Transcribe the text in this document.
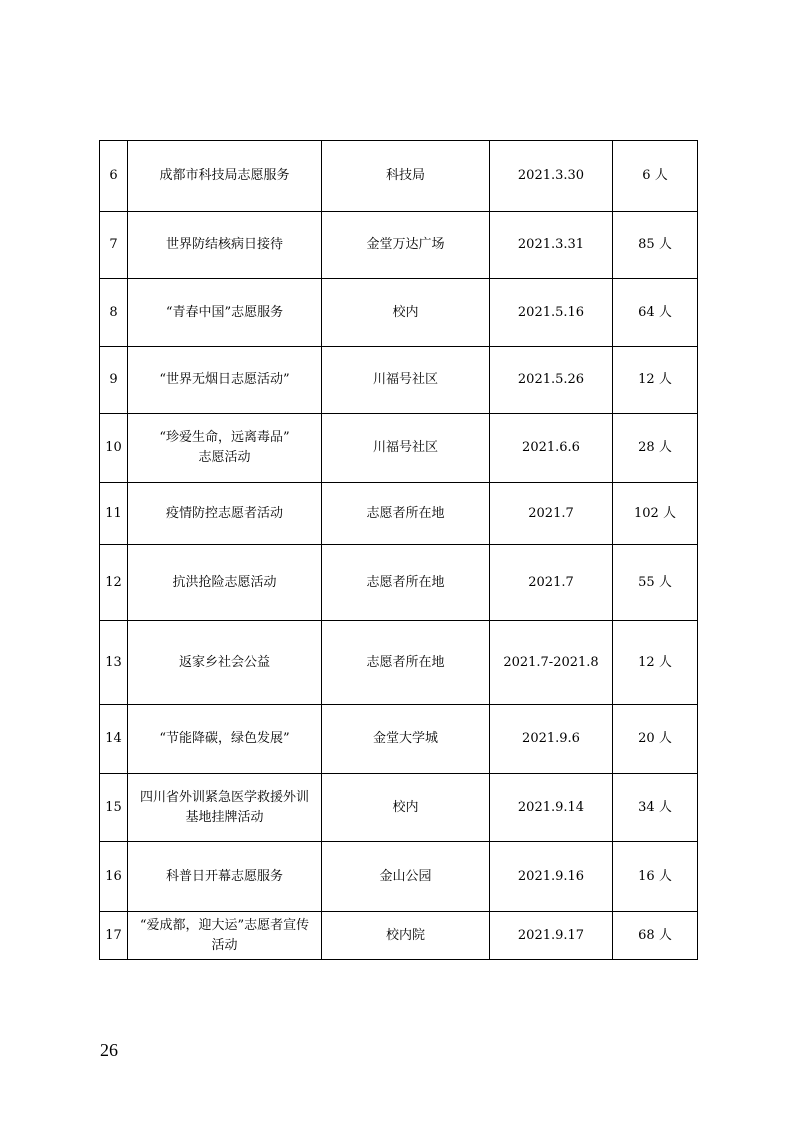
6	成都市科技局志愿服务	科技局	2021.3.30	6 人
7	世界防结核病日接待	金堂万达广场	2021.3.31	85 人
8	“青春中国”志愿服务	校内	2021.5.16	64 人
9	“世界无烟日志愿活动”	川福号社区	2021.5.26	12 人
10	“珍爱生命，远离毒品”
志愿活动	川福号社区	2021.6.6	28 人
11	疫情防控志愿者活动	志愿者所在地	2021.7	102 人
12	抗洪抢险志愿活动	志愿者所在地	2021.7	55 人
13	返家乡社会公益	志愿者所在地	2021.7-2021.8	12 人
14	“节能降碳，绿色发展”	金堂大学城	2021.9.6	20 人
15	四川省外训紧急医学救援外训
基地挂牌活动	校内	2021.9.14	34 人
16	科普日开幕志愿服务	金山公园	2021.9.16	16 人
17	“爱成都，迎大运”志愿者宣传
活动	校内院	2021.9.17	68 人
26
